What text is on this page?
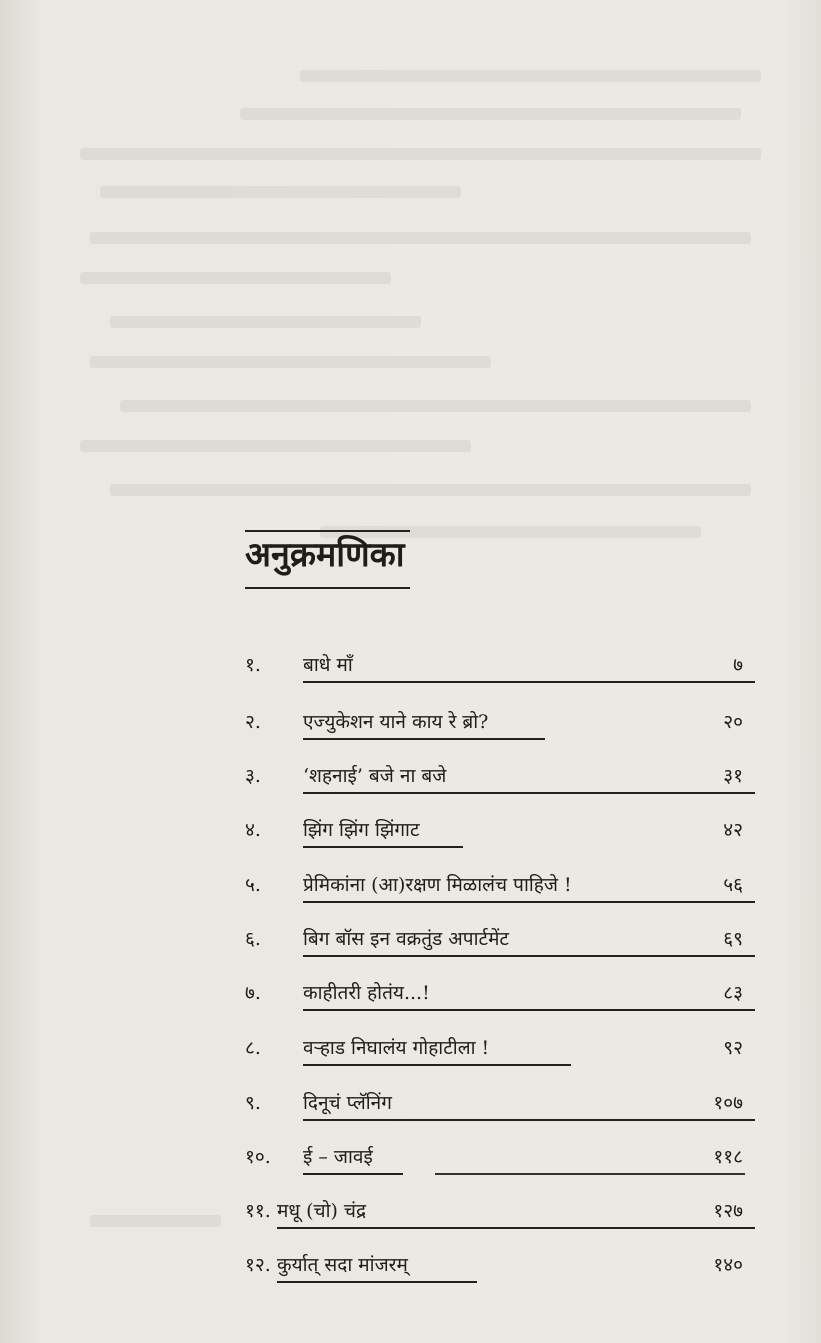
अनुक्रमणिका
१. बाधे माँ	७
२. एज्युकेशन याने काय रे ब्रो?	२०
३. ‘शहनाई’ बजे ना बजे	३१
४. झिंग झिंग झिंगाट	४२
५. प्रेमिकांना (आ)रक्षण मिळालंच पाहिजे !	५६
६. बिग बॉस इन वक्रतुंड अपार्टमेंट	६९
७. काहीतरी होतंय...!	८३
८. वऱ्हाड निघालंय गोहाटीला !	९२
९. दिनूचं प्लॅनिंग	१०७
१०. ई – जावई	११८
११. मधू (चो) चंद्र	१२७
१२. कुर्यात् सदा मांजरम्	१४०
